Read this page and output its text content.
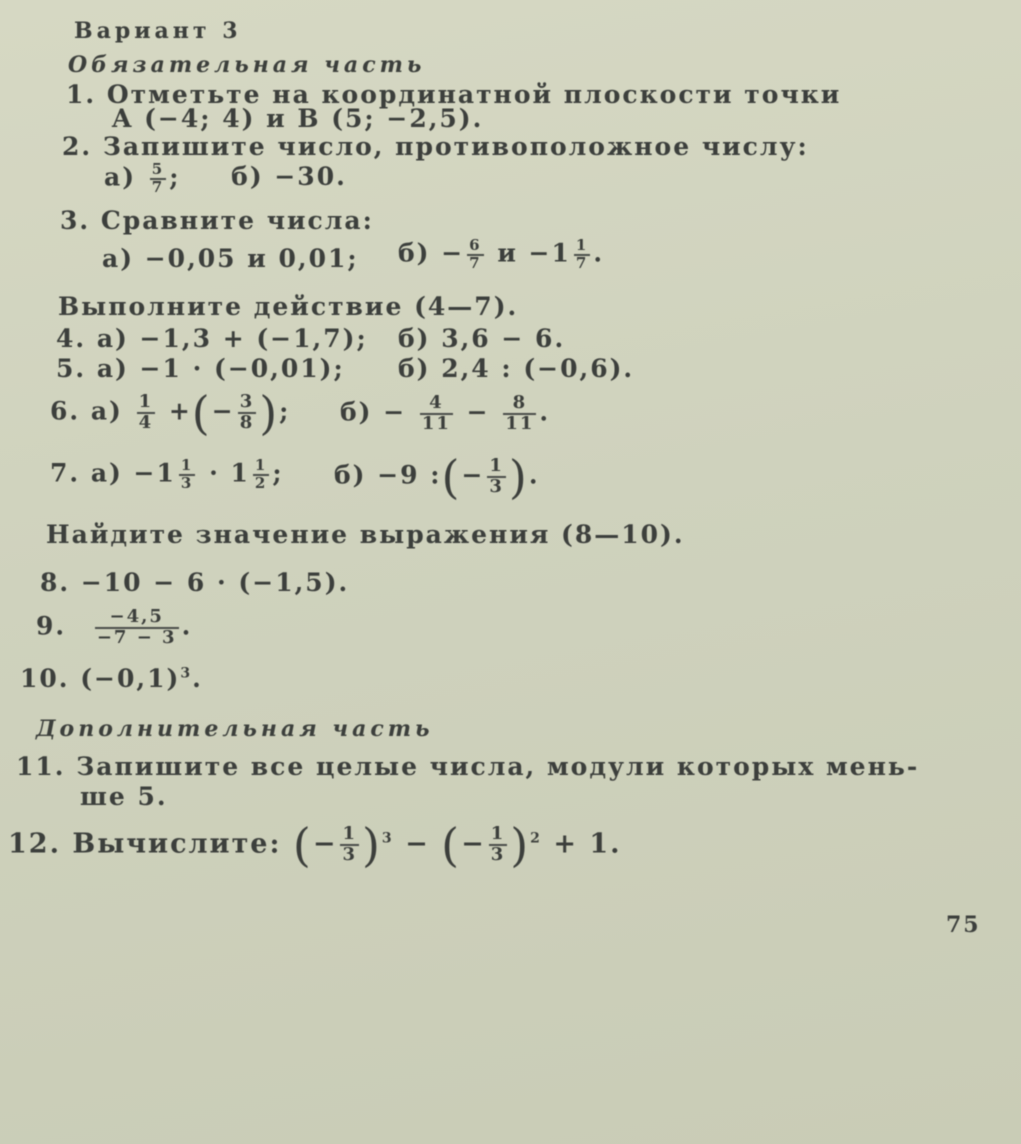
Вариант 3
Обязательная часть
1. Отметьте на координатной плоскости точки
A (−4; 4) и B (5; −2,5).
2. Запишите число, противоположное числу:
$а) \frac{5}{7}$ ; б) −30.
3. Сравните числа:
а) −0,05 и 0,01; $б) - \frac{6}{7}$ $и -1 \frac{1}{7}$ .
Выполните действие (4—7).
4. а) −1,3 + (−1,7); б) 3,6 − 6.
5. а) −1 · (−0,01); б) 2,4 : (−0,6).
6. $а) \frac{1}{4}$ +(− $\frac{3}{8}$ ); $б) - \frac{4}{11} - \frac{8}{11}$ .
7. $а) -1 \frac{1}{3} \cdot 1 \frac{1}{2}$ ; б) −9 :(− $\frac{1}{3}$ ).
Найдите значение выражения (8—10).
8. −10 − 6 · (−1,5).
9. $\frac{-4,5}{-7 - 3}$ .
10. $(-0,1)^3$.
Дополнительная часть
11. Запишите все целые числа, модули которых мень-
ше 5.
12. Вычислите: (− $\frac{1}{3} )^3$ − (− $\frac{1}{3} )^2 + 1$.
75
